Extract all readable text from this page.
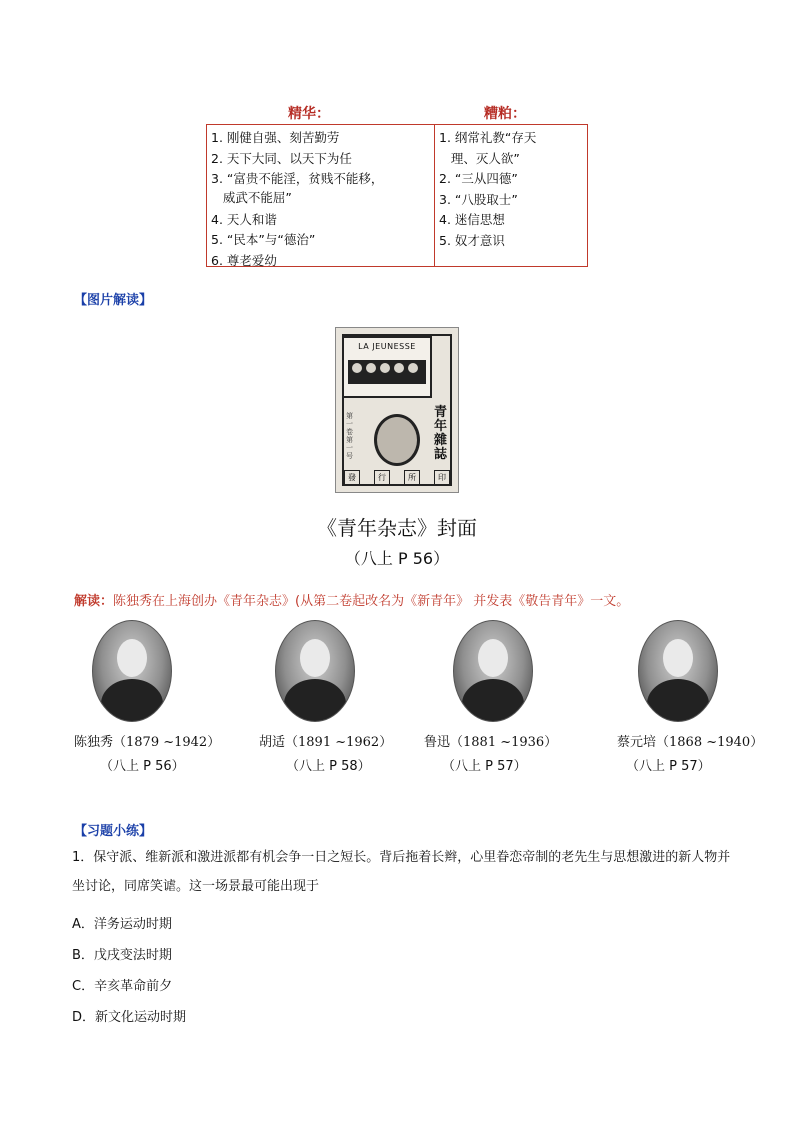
精华：	糟粕：
1. 刚健自强、刻苦勤劳
2. 天下大同、以天下为任
3. “富贵不能淫，贫贱不能移，
威武不能屈”
4. 天人和谐
5. “民本”与“德治”
6. 尊老爱幼
1. 纲常礼教“存天
理、灭人欲”
2. “三从四德”
3. “八股取士”
4. 迷信思想
5. 奴才意识
【图片解读】
LA JEUNESSE
第一卷 第一号
青年雜誌
發	行	所	印
《青年杂志》封面
（八上 P 56）
解读：陈独秀在上海创办《青年杂志》(从第二卷起改名为《新青年》 并发表《敬告青年》一文。
陈独秀（1879 ~1942）	胡适（1891 ~1962） 鲁迅（1881 ~1936）	蔡元培（1868 ~1940）
（八上 P 56）	（八上 P 58）	（八上 P 57）	（八上 P 57）
【习题小练】
1．保守派、维新派和激进派都有机会争一日之短长。背后拖着长辫，心里眷恋帝制的老先生与思想激进的新人物并坐讨论，同席笑谑。这一场景最可能出现于
A．洋务运动时期
B．戊戌变法时期
C．辛亥革命前夕
D．新文化运动时期
